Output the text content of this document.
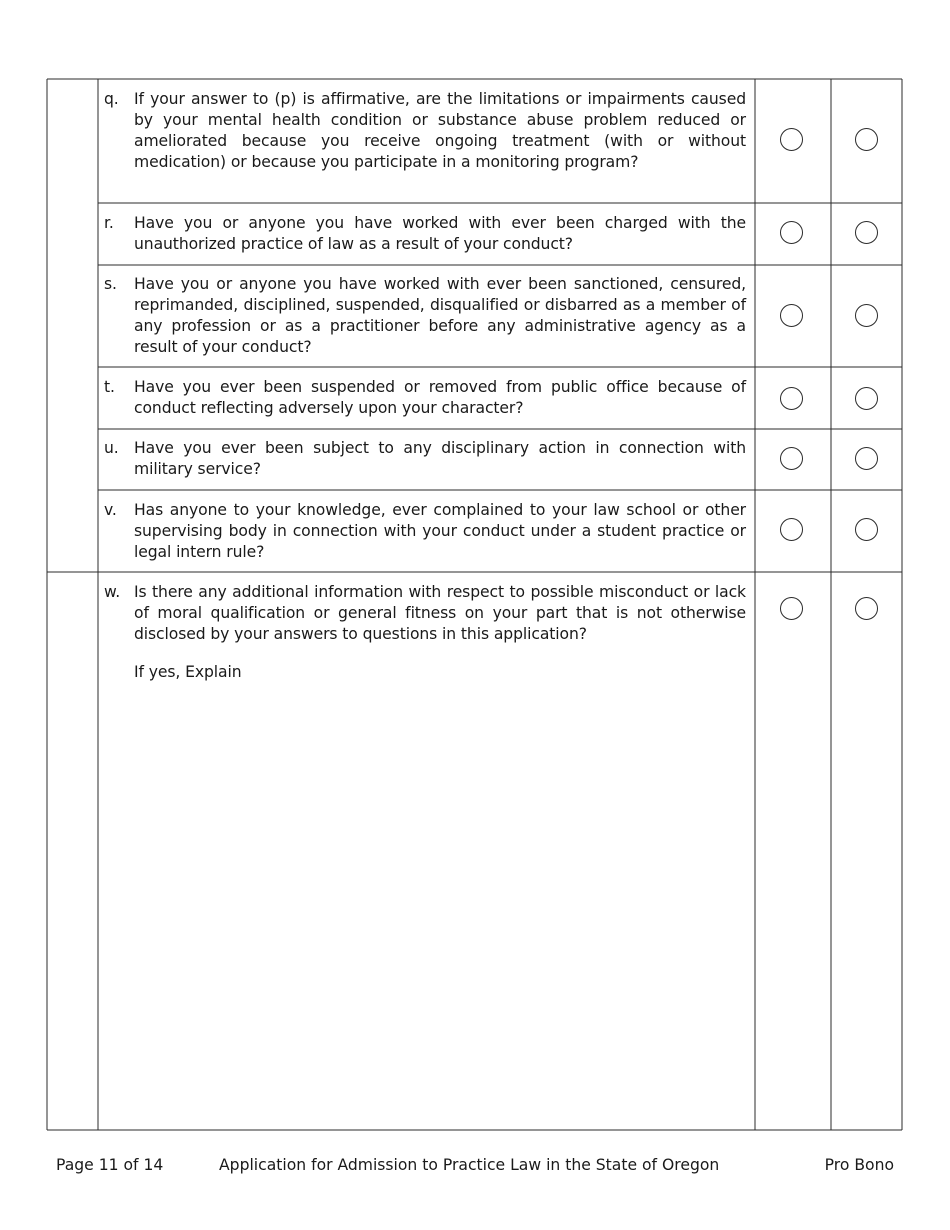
q. If your answer to (p) is affirmative, are the limitations or impairments caused by your mental health condition or substance abuse problem reduced or ameliorated because you receive ongoing treatment (with or without medication) or because you participate in a monitoring program?
r.	Have you or anyone you have worked with ever been charged with the unauthorized practice of law as a result of your conduct?
s.	Have you or anyone you have worked with ever been sanctioned, censured, reprimanded, disciplined, suspended, disqualified or disbarred as a member of any profession or as a practitioner before any administrative agency as a result of your conduct?
t.	Have you ever been suspended or removed from public office because of conduct reflecting adversely upon your character?
u. Have you ever been subject to any disciplinary action in connection with military service?
v.	Has anyone to your knowledge, ever complained to your law school or other supervising body in connection with your conduct under a student practice or legal intern rule?
w. Is there any additional information with respect to possible misconduct or lack of moral qualification or general fitness on your part that is not otherwise disclosed by your answers to questions in this application?
If yes, Explain
Page 11 of 14	Application for Admission to Practice Law in the State of Oregon	Pro Bono
